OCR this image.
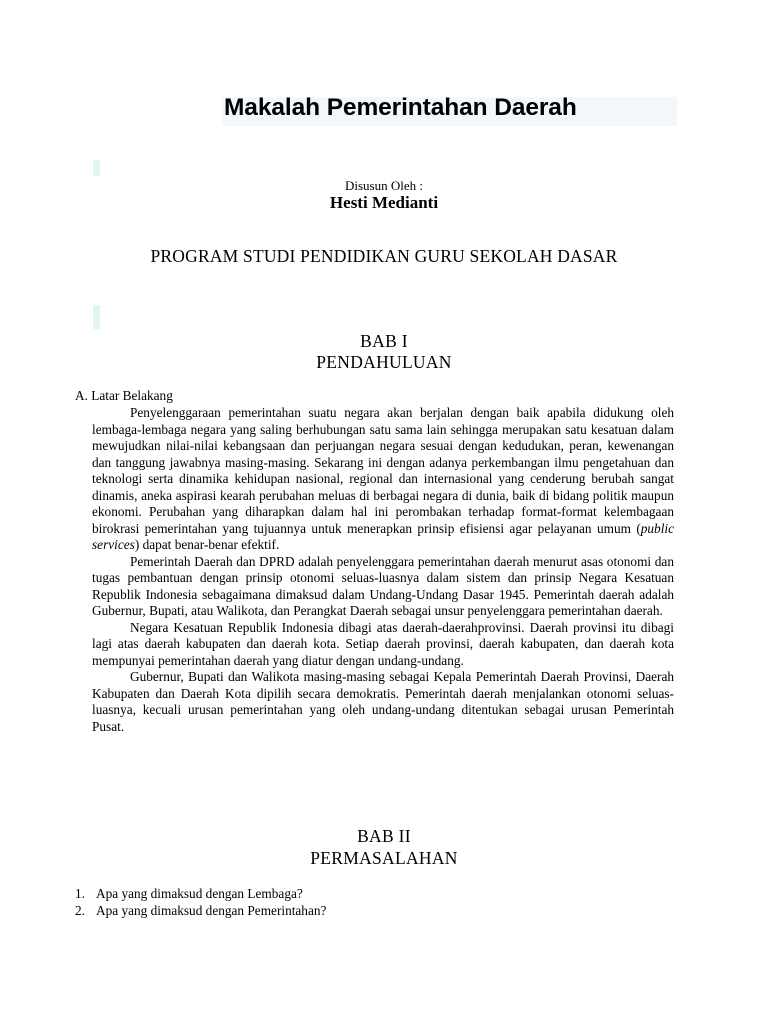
Makalah Pemerintahan Daerah
Disusun Oleh :
Hesti Medianti
PROGRAM STUDI PENDIDIKAN GURU SEKOLAH DASAR
BAB I
PENDAHULUAN
A. Latar Belakang

Penyelenggaraan pemerintahan suatu negara akan berjalan dengan baik apabila didukung oleh lembaga-lembaga negara yang saling berhubungan satu sama lain sehingga merupakan satu kesatuan dalam mewujudkan nilai-nilai kebangsaan dan perjuangan negara sesuai dengan kedudukan, peran, kewenangan dan tanggung jawabnya masing-masing. Sekarang ini dengan adanya perkembangan ilmu pengetahuan dan teknologi serta dinamika kehidupan nasional, regional dan internasional yang cenderung berubah sangat dinamis, aneka aspirasi kearah perubahan meluas di berbagai negara di dunia, baik di bidang politik maupun ekonomi. Perubahan yang diharapkan dalam hal ini perombakan terhadap format-format kelembagaan birokrasi pemerintahan yang tujuannya untuk menerapkan prinsip efisiensi agar pelayanan umum (public services) dapat benar-benar efektif.

Pemerintah Daerah dan DPRD adalah penyelenggara pemerintahan daerah menurut asas otonomi dan tugas pembantuan dengan prinsip otonomi seluas-luasnya dalam sistem dan prinsip Negara Kesatuan Republik Indonesia sebagaimana dimaksud dalam Undang-Undang Dasar 1945. Pemerintah daerah adalah Gubernur, Bupati, atau Walikota, dan Perangkat Daerah sebagai unsur penyelenggara pemerintahan daerah.

Negara Kesatuan Republik Indonesia dibagi atas daerah-daerahprovinsi. Daerah provinsi itu dibagi lagi atas daerah kabupaten dan daerah kota. Setiap daerah provinsi, daerah kabupaten, dan daerah kota mempunyai pemerintahan daerah yang diatur dengan undang-undang.

Gubernur, Bupati dan Walikota masing-masing sebagai Kepala Pemerintah Daerah Provinsi, Daerah Kabupaten dan Daerah Kota dipilih secara demokratis. Pemerintah daerah menjalankan otonomi seluas-luasnya, kecuali urusan pemerintahan yang oleh undang-undang ditentukan sebagai urusan Pemerintah Pusat.

BAB II
PERMASALAHAN
1. Apa yang dimaksud dengan Lembaga?
2. Apa yang dimaksud dengan Pemerintahan?
